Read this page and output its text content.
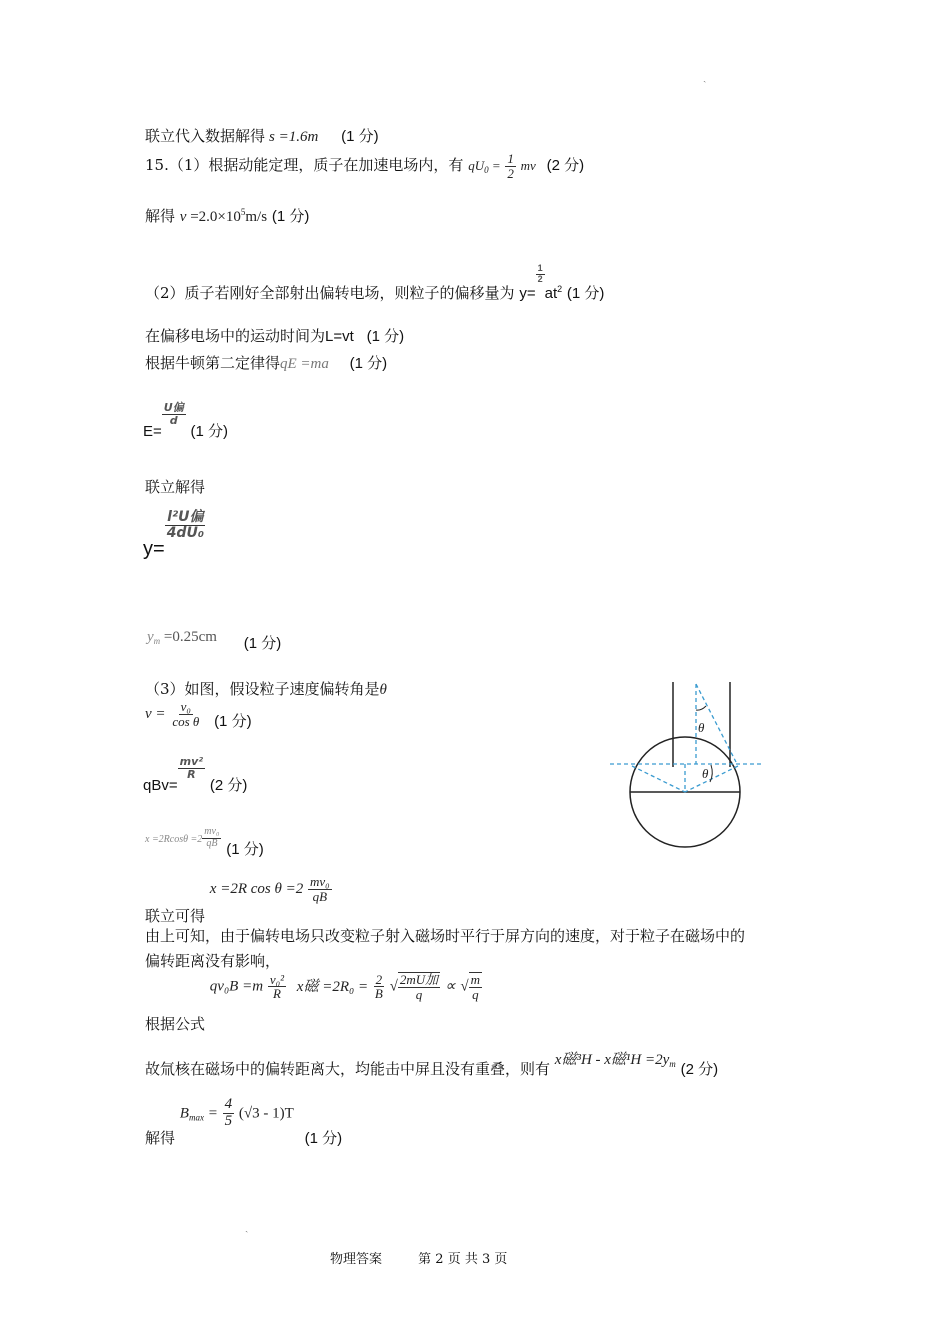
ˎ
联立代入数据解得 s =1.6m (1 分)
15.（1）根据动能定理，质子在加速电场内，有 $qU_0 = \frac{1}{2}$ mv (2 分)
解得 $v =2.0\times 10^5m/s$ (1 分)
（2）质子若刚好全部射出偏转电场，则粒子的偏移量为 y=
$\frac{1}{2}$
$at_2$ (1 分)
在偏移电场中的运动时间为L=vt (1 分)
根据牛顿第二定律得qE =ma (1 分)
E=
$\frac{\text{U偏}}{d}$
(1 分)
联立解得
y=
$\frac{\text{l²U偏}}{\text{4dU₀}}$
$y_m =0.25cm$ (1 分)
（3）如图，假设粒子速度偏转角是θ
$v = \frac{\text{v₀}}{\text{cos θ}} (1$ 分)
qBv=
$\frac{\text{mv²}}{R}$
(2 分)
$x =2Rcos\theta =2 \frac{\text{mv₀}}{qB}$
(1 分)
联立可得 x =2R $\cos \theta =2 \frac{\text{mv₀}}{qB}$
由上可知，由于偏转电场只改变粒子射入磁场时平行于屏方向的速度，对于粒子在磁场中的
偏转距离没有影响，
根据公式 $qv_0B =m \frac{\text{v₀²}}{R}$ x磁 $=2R_0 = \frac{2}{B}$ √ $\frac{\text{2mU加}}{q}$ ∝ √ $\frac{m}{q}$
故氚核在磁场中的偏转距离大，均能击中屏且没有重叠，则有 x磁³H - x磁$^1H =2y_m$ (2 分)
解得 $B_{max} = \frac{4}{5} (√3 - 1)T$ (1 分)
θ
θ
ˎ
物理答案	第 2 页 共 3 页
